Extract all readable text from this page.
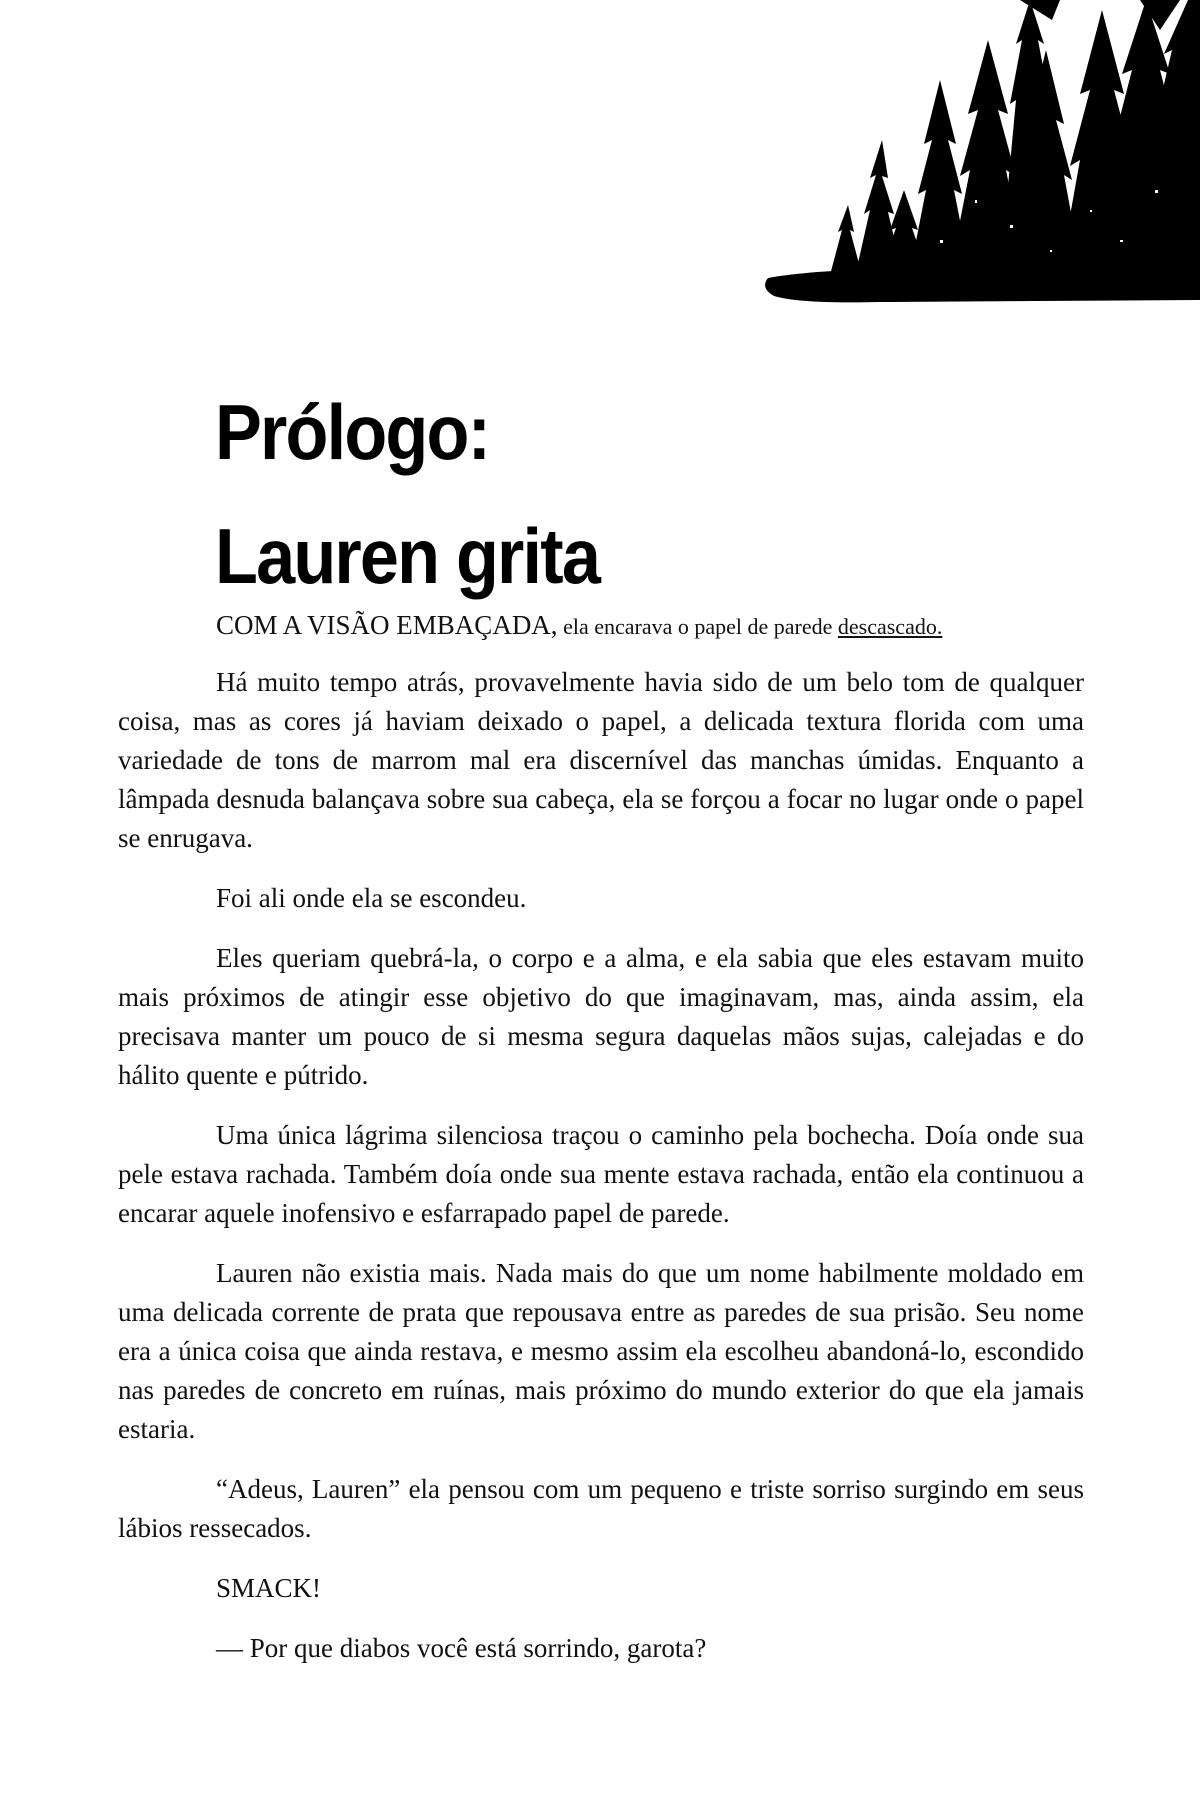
Prólogo:
Lauren grita

COM A VISÃO EMBAÇADA, ela encarava o papel de parede descascado.

Há muito tempo atrás, provavelmente havia sido de um belo tom de qualquer coisa, mas as cores já haviam deixado o papel, a delicada textura florida com uma variedade de tons de marrom mal era discernível das manchas úmidas. Enquanto a lâmpada desnuda balançava sobre sua cabeça, ela se forçou a focar no lugar onde o papel se enrugava.

Foi ali onde ela se escondeu.

Eles queriam quebrá-la, o corpo e a alma, e ela sabia que eles estavam muito mais próximos de atingir esse objetivo do que imaginavam, mas, ainda assim, ela precisava manter um pouco de si mesma segura daquelas mãos sujas, calejadas e do hálito quente e pútrido.

Uma única lágrima silenciosa traçou o caminho pela bochecha. Doía onde sua pele estava rachada. Também doía onde sua mente estava rachada, então ela continuou a encarar aquele inofensivo e esfarrapado papel de parede.

Lauren não existia mais. Nada mais do que um nome habilmente moldado em uma delicada corrente de prata que repousava entre as paredes de sua prisão. Seu nome era a única coisa que ainda restava, e mesmo assim ela escolheu abandoná-lo, escondido nas paredes de concreto em ruínas, mais próximo do mundo exterior do que ela jamais estaria.

“Adeus, Lauren” ela pensou com um pequeno e triste sorriso surgindo em seus lábios ressecados.

SMACK!

— Por que diabos você está sorrindo, garota?
